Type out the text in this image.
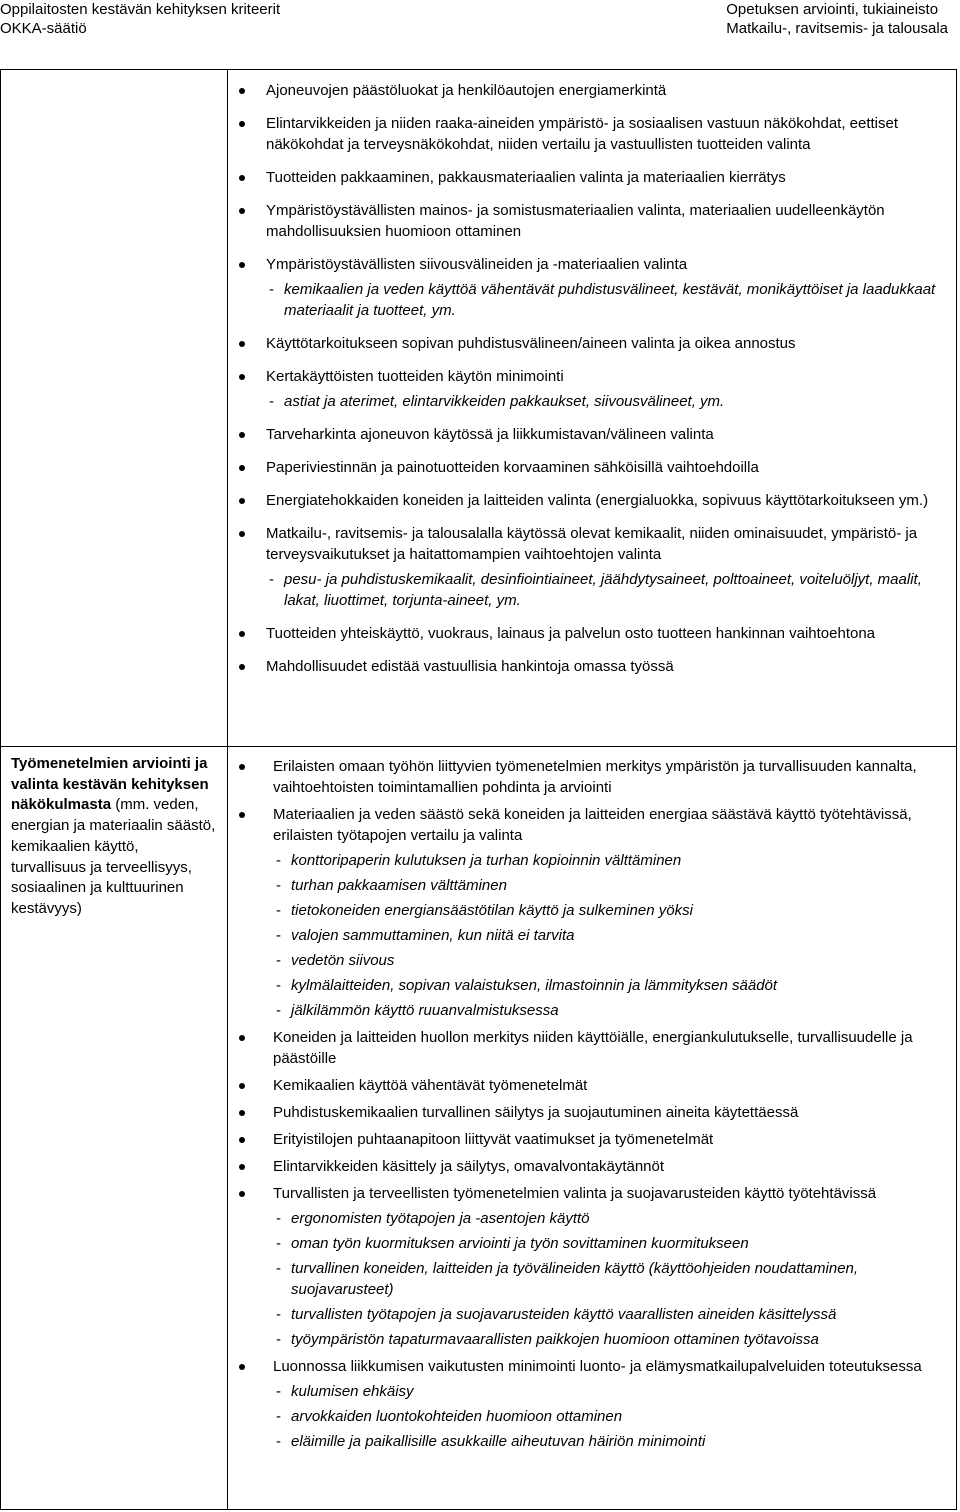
Oppilaitosten kestävän kehityksen kriteerit
OKKA-säätiö
Opetuksen arviointi, tukiaineisto
Matkailu-, ravitsemis- ja talousala
Työmenetelmien arviointi ja valinta kestävän kehityksen näkökulmasta (mm. veden, energian ja materiaalin säästö, kemikaalien käyttö, turvallisuus ja terveellisyys, sosiaalinen ja kulttuurinen kestävyys)
Ajoneuvojen päästöluokat ja henkilöautojen energiamerkintä
Elintarvikkeiden ja niiden raaka-aineiden ympäristö- ja sosiaalisen vastuun näkökohdat, eettiset näkökohdat ja terveysnäkökohdat, niiden vertailu ja vastuullisten tuotteiden valinta
Tuotteiden pakkaaminen, pakkausmateriaalien valinta ja materiaalien kierrätys
Ympäristöystävällisten mainos- ja somistusmateriaalien valinta, materiaalien uudelleenkäytön mahdollisuuksien huomioon ottaminen
Ympäristöystävällisten siivousvälineiden ja -materiaalien valinta
- kemikaalien ja veden käyttöä vähentävät puhdistusvälineet, kestävät, monikäyttöiset ja laadukkaat materiaalit ja tuotteet, ym.
Käyttötarkoitukseen sopivan puhdistusvälineen/aineen valinta ja oikea annostus
Kertakäyttöisten tuotteiden käytön minimointi
- astiat ja aterimet, elintarvikkeiden pakkaukset, siivousvälineet, ym.
Tarveharkinta ajoneuvon käytössä ja liikkumistavan/välineen valinta
Paperiviestinnän ja painotuotteiden korvaaminen sähköisillä vaihtoehdoilla
Energiatehokkaiden koneiden ja laitteiden valinta (energialuokka, sopivuus käyttötarkoitukseen ym.)
Matkailu-, ravitsemis- ja talousalalla käytössä olevat kemikaalit, niiden ominaisuudet, ympäristö- ja terveysvaikutukset ja haitattomampien vaihtoehtojen valinta
- pesu- ja puhdistuskemikaalit, desinfiointiaineet, jäähdytysaineet, polttoaineet, voiteluöljyt, maalit, lakat, liuottimet, torjunta-aineet, ym.
Tuotteiden yhteiskäyttö, vuokraus, lainaus ja palvelun osto tuotteen hankinnan vaihtoehtona
Mahdollisuudet edistää vastuullisia hankintoja omassa työssä
Erilaisten omaan työhön liittyvien työmenetelmien merkitys ympäristön ja turvallisuuden kannalta, vaihtoehtoisten toimintamallien pohdinta ja arviointi
Materiaalien ja veden säästö sekä koneiden ja laitteiden energiaa säästävä käyttö työtehtävissä, erilaisten työtapojen vertailu ja valinta
- konttoripaperin kulutuksen ja turhan kopioinnin välttäminen
- turhan pakkaamisen välttäminen
- tietokoneiden energiansäästötilan käyttö ja sulkeminen yöksi
- valojen sammuttaminen, kun niitä ei tarvita
- vedetön siivous
- kylmälaitteiden, sopivan valaistuksen, ilmastoinnin ja lämmityksen säädöt
- jälkilämmön käyttö ruuanvalmistuksessa
Koneiden ja laitteiden huollon merkitys niiden käyttöiälle, energiankulutukselle, turvallisuudelle ja päästöille
Kemikaalien käyttöä vähentävät työmenetelmät
Puhdistuskemikaalien turvallinen säilytys ja suojautuminen aineita käytettäessä
Erityistilojen puhtaanapitoon liittyvät vaatimukset ja työmenetelmät
Elintarvikkeiden käsittely ja säilytys, omavalvontakäytännöt
Turvallisten ja terveellisten työmenetelmien valinta ja suojavarusteiden käyttö työtehtävissä
- ergonomisten työtapojen ja -asentojen käyttö
- oman työn kuormituksen arviointi ja työn sovittaminen kuormitukseen
- turvallinen koneiden, laitteiden ja työvälineiden käyttö (käyttöohjeiden noudattaminen, suojavarusteet)
- turvallisten työtapojen ja suojavarusteiden käyttö vaarallisten aineiden käsittelyssä
- työympäristön tapaturmavaarallisten paikkojen huomioon ottaminen työtavoissa
Luonnossa liikkumisen vaikutusten minimointi luonto- ja elämysmatkailupalveluiden toteutuksessa
- kulumisen ehkäisy
- arvokkaiden luontokohteiden huomioon ottaminen
- eläimille ja paikallisille asukkaille aiheutuvan häiriön minimointi
